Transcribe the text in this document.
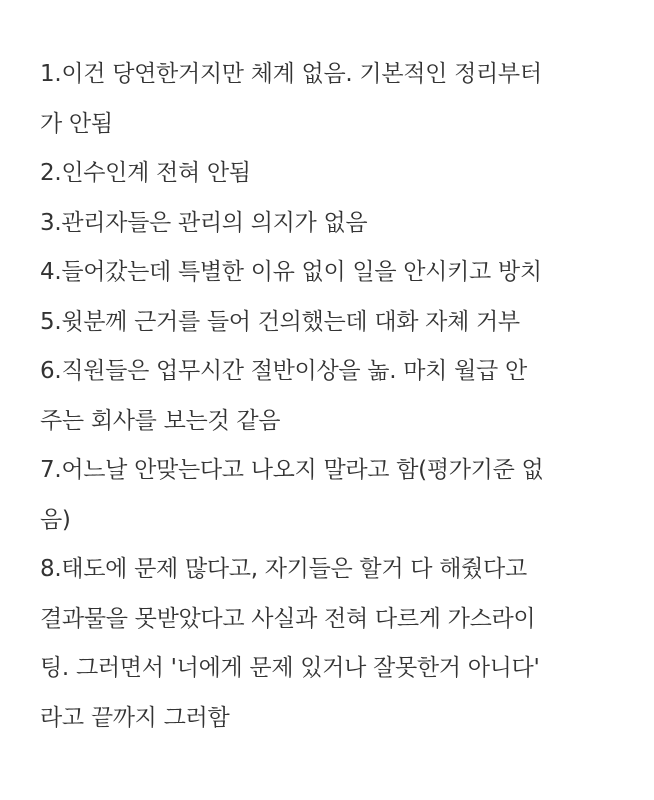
1.이건 당연한거지만 체계 없음. 기본적인 정리부터
가 안됨
2.인수인계 전혀 안됨
3.관리자들은 관리의 의지가 없음
4.들어갔는데 특별한 이유 없이 일을 안시키고 방치
5.윗분께 근거를 들어 건의했는데 대화 자쳬 거부
6.직원들은 업무시간 절반이상을 놂. 마치 월급 안
주는 회사를 보는것 같음
7.어느날 안맞는다고 나오지 말라고 함(평가기준 없
음)
8.태도에 문제 많다고, 자기들은 할거 다 해줬다고
결과물을 못받았다고 사실과 전혀 다르게 가스라이
팅. 그러면서 '너에게 문제 있거나 잘못한거 아니다'
라고 끝까지 그러함
